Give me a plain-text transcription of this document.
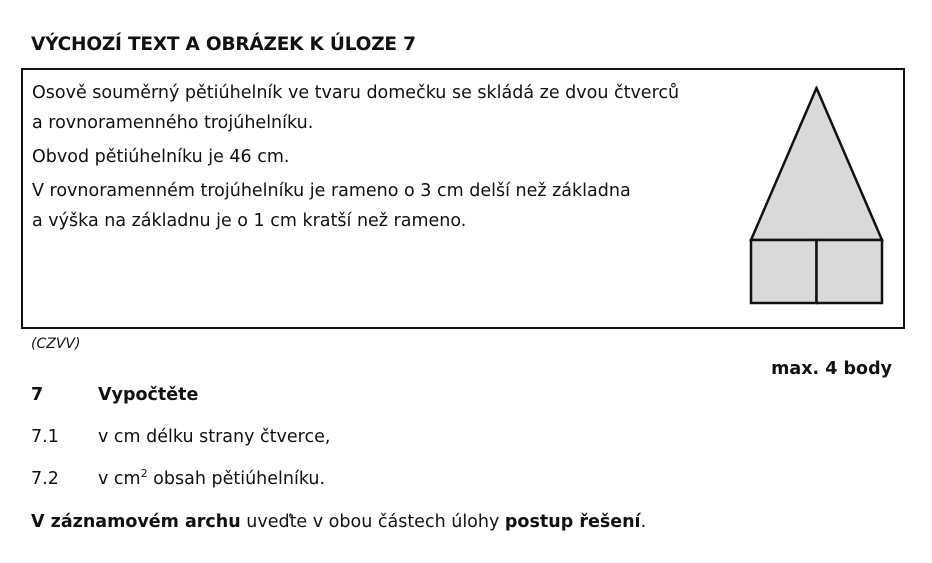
VÝCHOZÍ TEXT A OBRÁZEK K ÚLOZE 7

Osově souměrný pětiúhelník ve tvaru domečku se skládá ze dvou čtverců
a rovnoramenného trojúhelníku.

Obvod pětiúhelníku je 46 cm.

V rovnoramenném trojúhelníku je rameno o 3 cm delší než základna
a výška na základnu je o 1 cm kratší než rameno.

(CZVV)
max. 4 body
7	Vypočtěte
7.1	v cm délku strany čtverce,
7.2	v $cm^2$ obsah pětiúhelníku.
V záznamovém archu uveďte v obou částech úlohy postup řešení.
